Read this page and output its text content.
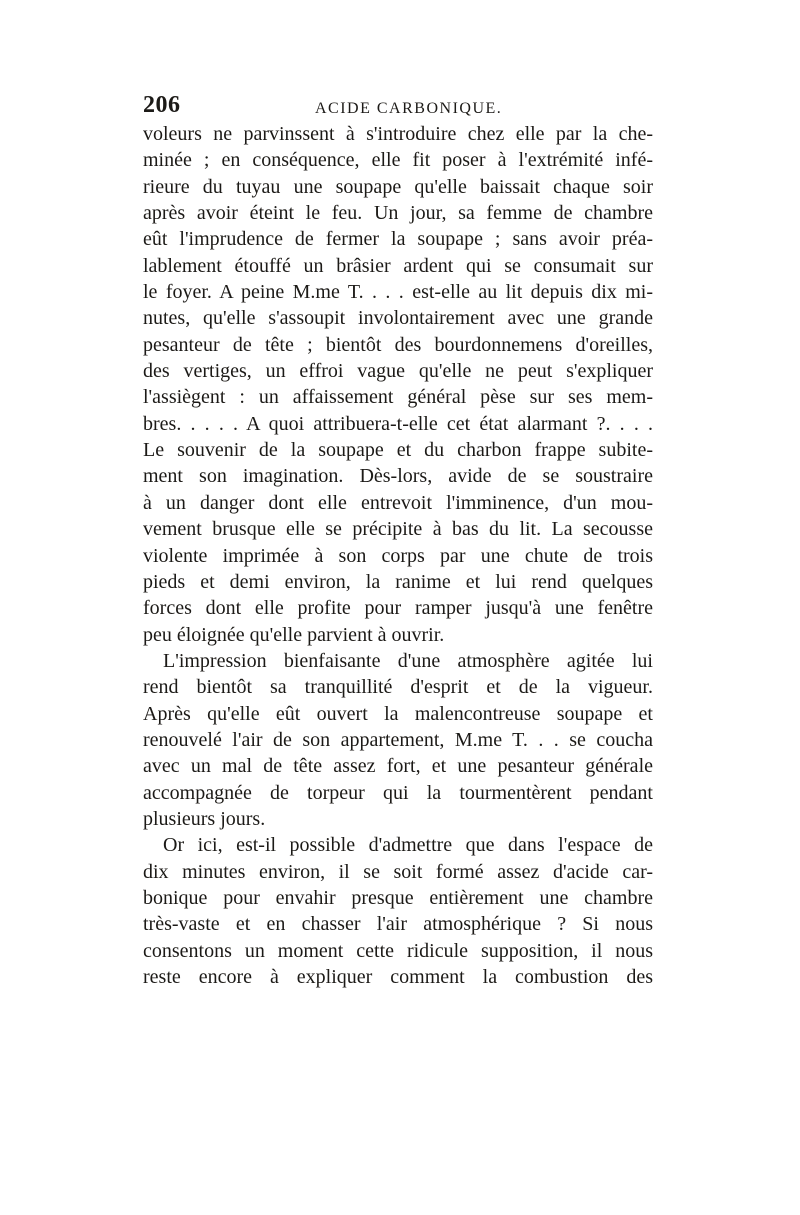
206	ACIDE CARBONIQUE.
voleurs ne parvinssent à s'introduire chez elle par la che-
minée ; en conséquence, elle fit poser à l'extrémité infé-
rieure du tuyau une soupape qu'elle baissait chaque soir
après avoir éteint le feu. Un jour, sa femme de chambre
eût l'imprudence de fermer la soupape ; sans avoir préa-
lablement étouffé un brâsier ardent qui se consumait sur
le foyer. A peine M.me T. . . . est-elle au lit depuis dix mi-
nutes, qu'elle s'assoupit involontairement avec une grande
pesanteur de tête ; bientôt des bourdonnemens d'oreilles,
des vertiges, un effroi vague qu'elle ne peut s'expliquer
l'assiègent : un affaissement général pèse sur ses mem-
bres. . . . . A quoi attribuera-t-elle cet état alarmant ?. . . .
Le souvenir de la soupape et du charbon frappe subite-
ment son imagination. Dès-lors, avide de se soustraire
à un danger dont elle entrevoit l'imminence, d'un mou-
vement brusque elle se précipite à bas du lit. La secousse
violente imprimée à son corps par une chute de trois
pieds et demi environ, la ranime et lui rend quelques
forces dont elle profite pour ramper jusqu'à une fenêtre
peu éloignée qu'elle parvient à ouvrir.
L'impression bienfaisante d'une atmosphère agitée lui
rend bientôt sa tranquillité d'esprit et de la vigueur.
Après qu'elle eût ouvert la malencontreuse soupape et
renouvelé l'air de son appartement, M.me T. . . se coucha
avec un mal de tête assez fort, et une pesanteur générale
accompagnée de torpeur qui la tourmentèrent pendant
plusieurs jours.
Or ici, est-il possible d'admettre que dans l'espace de
dix minutes environ, il se soit formé assez d'acide car-
bonique pour envahir presque entièrement une chambre
très-vaste et en chasser l'air atmosphérique ? Si nous
consentons un moment cette ridicule supposition, il nous
reste encore à expliquer comment la combustion des
